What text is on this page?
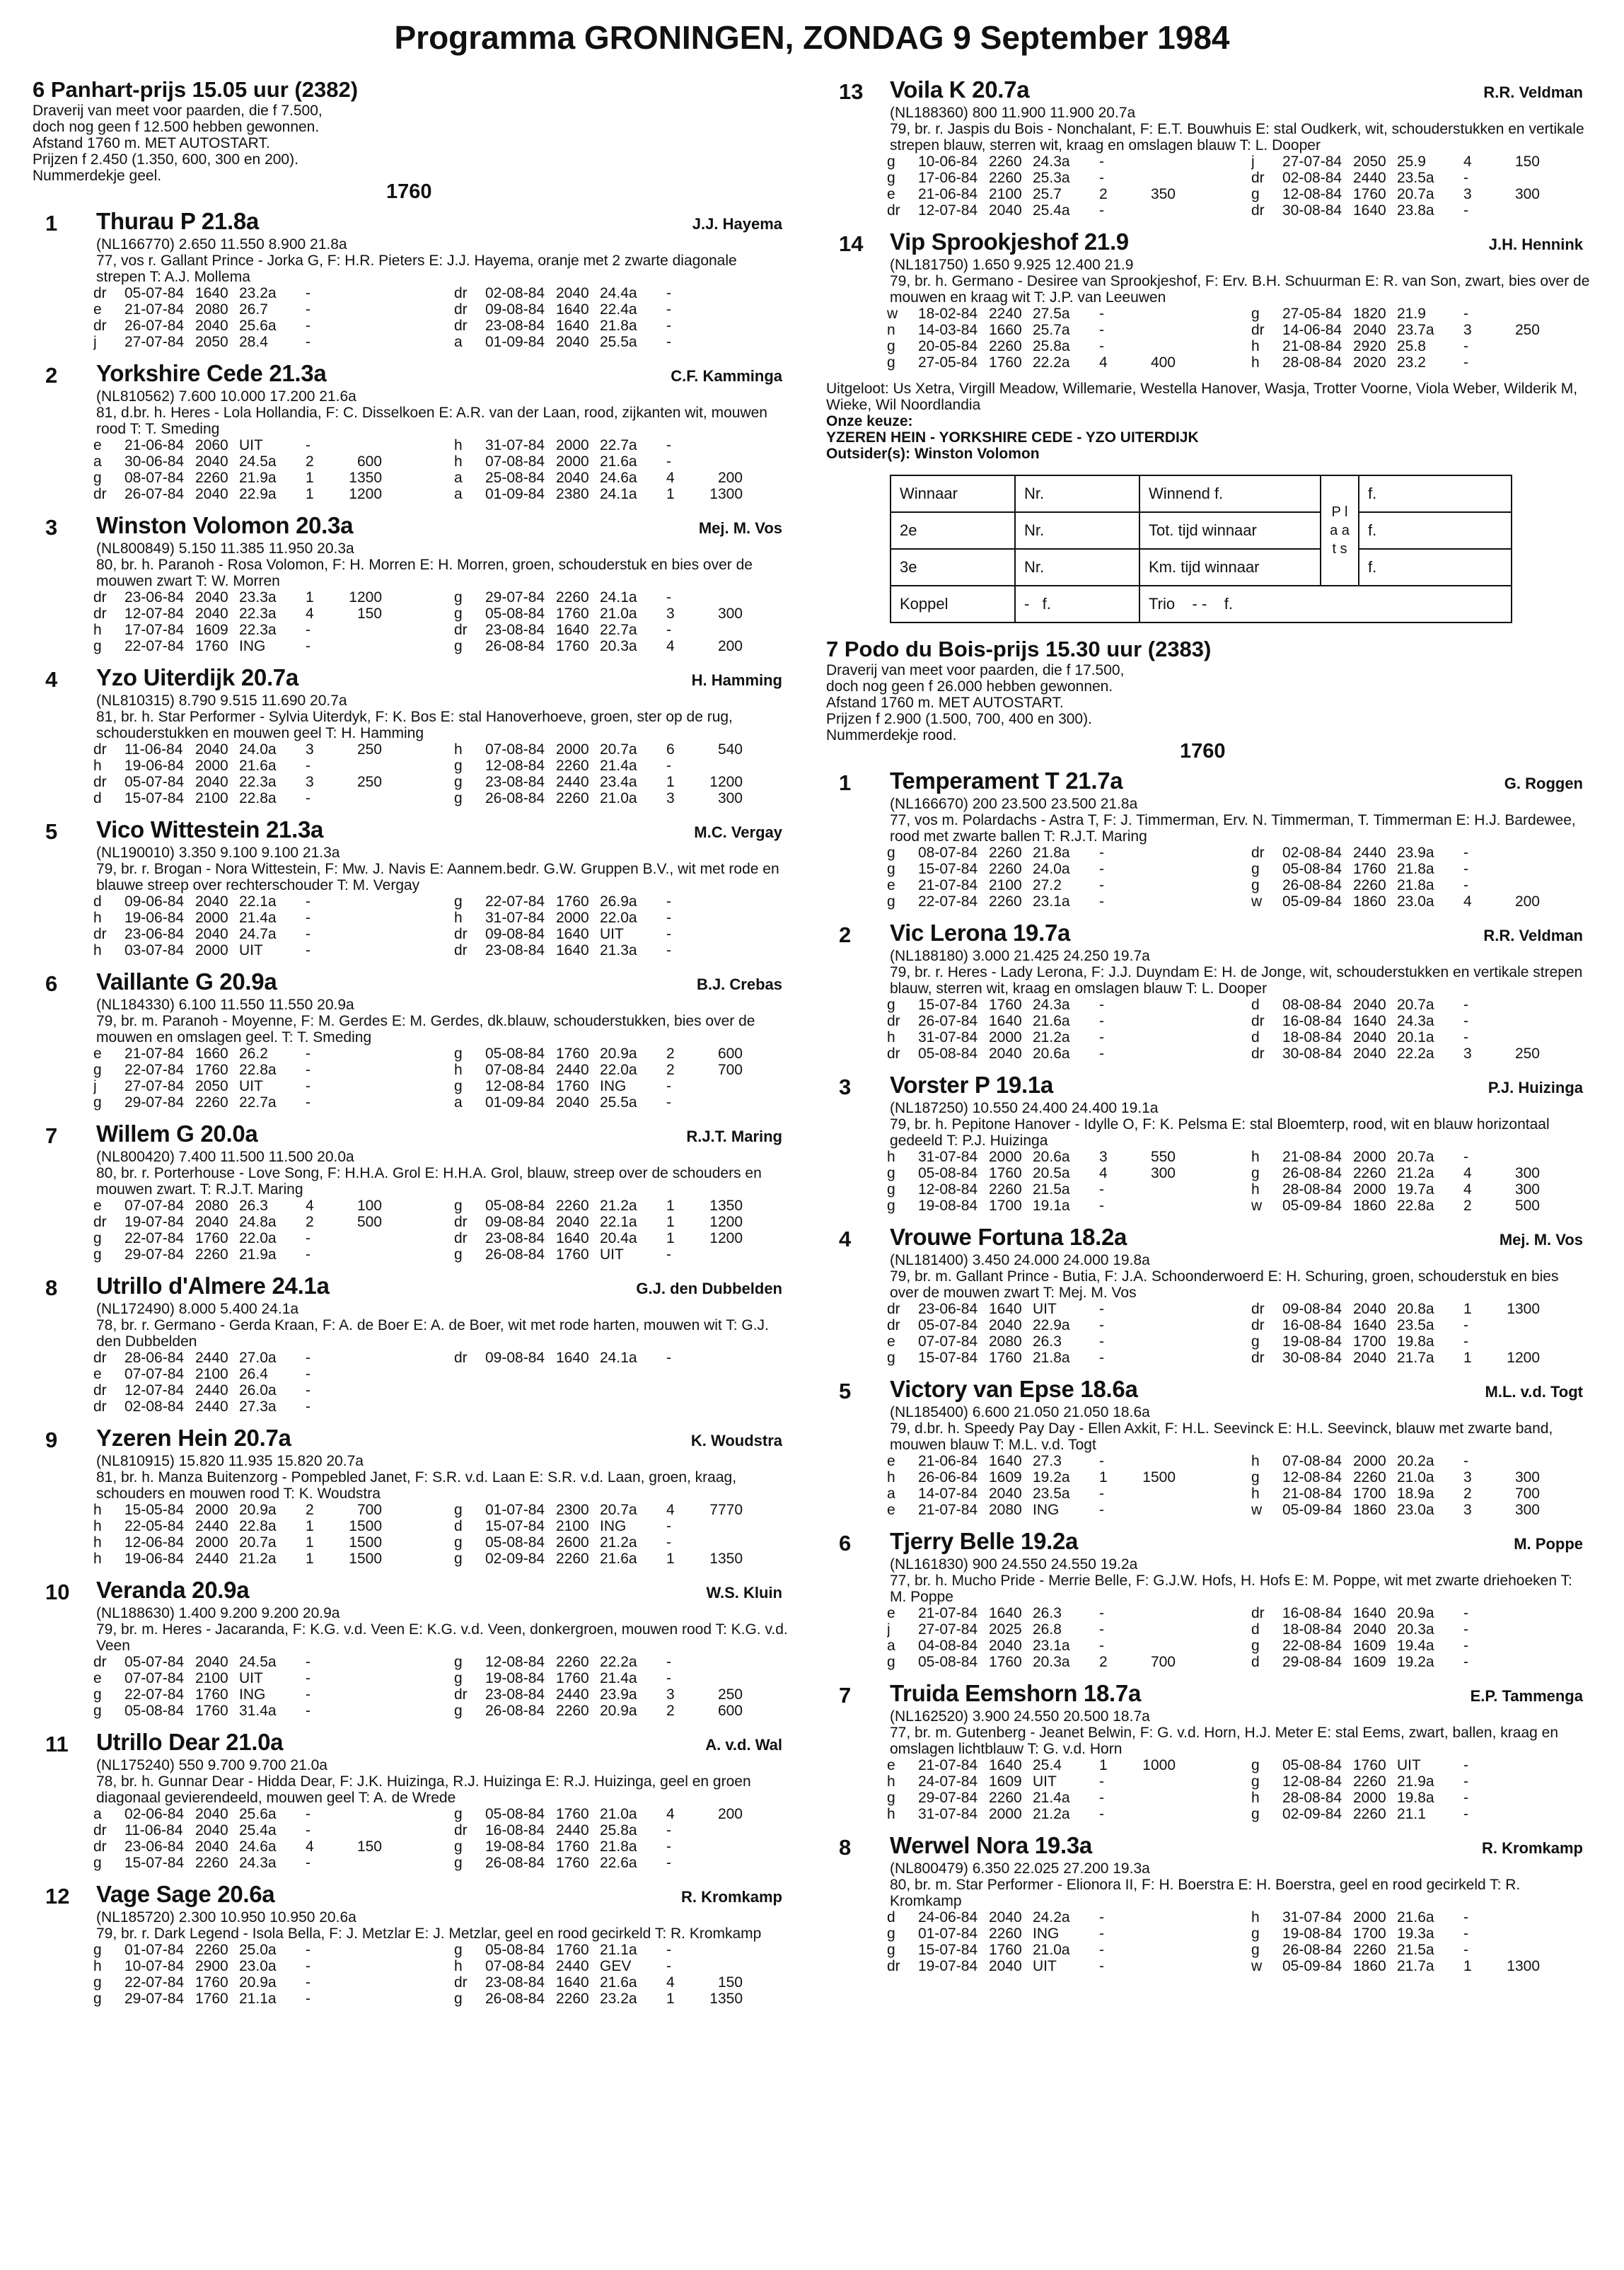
Programma GRONINGEN, ZONDAG 9 September 1984

6 Panhart-prijs 15.05 uur (2382)

Draverij van meet voor paarden, die f 7.500,

doch nog geen f 12.500 hebben gewonnen.

Afstand 1760 m. MET AUTOSTART.

Prijzen f 2.450 (1.350, 600, 300 en 200).

Nummerdekje geel.

1760

1 Thurau P 21.8a	J.J. Hayema

(NL166770) 2.650 11.550 8.900 21.8a

77, vos r. Gallant Prince - Jorka G, F: H.R. Pieters E: J.J. Hayema, oranje met 2 zwarte diagonale strepen T: A.J. Mollema

dr	05-07-84 1640 23.2a	-	dr	02-08-84 2040 24.4a	-
e	21-07-84 2080 26.7	-	dr	09-08-84 1640 22.4a	-
dr	26-07-84 2040 25.6a	-	dr	23-08-84 1640 21.8a	-
j	27-07-84 2050 28.4	-	a	01-09-84 2040 25.5a	-
2 Yorkshire Cede 21.3a	C.F. Kamminga

(NL810562) 7.600 10.000 17.200 21.6a

81, d.br. h. Heres - Lola Hollandia, F: C. Disselkoen E: A.R. van der Laan, rood, zijkanten wit, mouwen rood T: T. Smeding

e	21-06-84 2060 UIT	-	h	31-07-84 2000 22.7a	-
a	30-06-84 2040 24.5a	2	600	h	07-08-84 2000 21.6a	-
g	08-07-84 2260 21.9a	1	1350	a	25-08-84 2040 24.6a	4	200
dr	26-07-84 2040 22.9a	1	1200	a	01-09-84 2380 24.1a	1	1300
3 Winston Volomon 20.3a	Mej. M. Vos

(NL800849) 5.150 11.385 11.950 20.3a

80, br. h. Paranoh - Rosa Volomon, F: H. Morren E: H. Morren, groen, schouderstuk en bies over de mouwen zwart T: W. Morren

dr	23-06-84 2040 23.3a	1	1200	g	29-07-84 2260 24.1a	-
dr	12-07-84 2040 22.3a	4	150	g	05-08-84 1760 21.0a	3	300
h	17-07-84 1609 22.3a	-	dr	23-08-84 1640 22.7a	-
g	22-07-84 1760 ING	-	g	26-08-84 1760 20.3a	4	200
4 Yzo Uiterdijk 20.7a	H. Hamming

(NL810315) 8.790 9.515 11.690 20.7a

81, br. h. Star Performer - Sylvia Uiterdyk, F: K. Bos E: stal Hanoverhoeve, groen, ster op de rug, schouderstukken en mouwen geel T: H. Hamming

dr	11-06-84 2040 24.0a	3	250	h	07-08-84 2000 20.7a	6	540
h	19-06-84 2000 21.6a	-	g	12-08-84 2260 21.4a	-
dr	05-07-84 2040 22.3a	3	250	g	23-08-84 2440 23.4a	1	1200
d	15-07-84 2100 22.8a	-	g	26-08-84 2260 21.0a	3	300
5 Vico Wittestein 21.3a	M.C. Vergay

(NL190010) 3.350 9.100 9.100 21.3a

79, br. r. Brogan - Nora Wittestein, F: Mw. J. Navis E: Aannem.bedr. G.W. Gruppen B.V., wit met rode en blauwe streep over rechterschouder T: M. Vergay

d	09-06-84 2040 22.1a	-	g	22-07-84 1760 26.9a	-
h	19-06-84 2000 21.4a	-	h	31-07-84 2000 22.0a	-
dr	23-06-84 2040 24.7a	-	dr	09-08-84 1640 UIT	-
h	03-07-84 2000 UIT	-	dr	23-08-84 1640 21.3a	-
6 Vaillante G 20.9a	B.J. Crebas

(NL184330) 6.100 11.550 11.550 20.9a

79, br. m. Paranoh - Moyenne, F: M. Gerdes E: M. Gerdes, dk.blauw, schouderstukken, bies over de mouwen en omslagen geel. T: T. Smeding

e	21-07-84 1660 26.2	-	g	05-08-84 1760 20.9a	2	600
g	22-07-84 1760 22.8a	-	h	07-08-84 2440 22.0a	2	700
j	27-07-84 2050 UIT	-	g	12-08-84 1760 ING	-
g	29-07-84 2260 22.7a	-	a	01-09-84 2040 25.5a	-
7 Willem G 20.0a	R.J.T. Maring

(NL800420) 7.400 11.500 11.500 20.0a

80, br. r. Porterhouse - Love Song, F: H.H.A. Grol E: H.H.A. Grol, blauw, streep over de schouders en mouwen zwart. T: R.J.T. Maring

e	07-07-84 2080 26.3	4	100	g	05-08-84 2260 21.2a	1	1350
dr	19-07-84 2040 24.8a	2	500	dr	09-08-84 2040 22.1a	1	1200
g	22-07-84 1760 22.0a	-	dr	23-08-84 1640 20.4a	1	1200
g	29-07-84 2260 21.9a	-	g	26-08-84 1760 UIT	-
8 Utrillo d'Almere 24.1a	G.J. den Dubbelden

(NL172490) 8.000 5.400 24.1a

78, br. r. Germano - Gerda Kraan, F: A. de Boer E: A. de Boer, wit met rode harten, mouwen wit T: G.J. den Dubbelden

dr	28-06-84 2440 27.0a	-	dr	09-08-84 1640 24.1a	-
e	07-07-84 2100 26.4	-
dr	12-07-84 2440 26.0a	-
dr	02-08-84 2440 27.3a	-
9 Yzeren Hein 20.7a	K. Woudstra

(NL810915) 15.820 11.935 15.820 20.7a

81, br. h. Manza Buitenzorg - Pompebled Janet, F: S.R. v.d. Laan E: S.R. v.d. Laan, groen, kraag, schouders en mouwen rood T: K. Woudstra

h	15-05-84 2000 20.9a	2	700	g	01-07-84 2300 20.7a	4	7770
h	22-05-84 2440 22.8a	1	1500	d	15-07-84 2100 ING	-
h	12-06-84 2000 20.7a	1	1500	g	05-08-84 2600 21.2a	-
h	19-06-84 2440 21.2a	1	1500	g	02-09-84 2260 21.6a	1	1350
10 Veranda 20.9a	W.S. Kluin

(NL188630) 1.400 9.200 9.200 20.9a

79, br. m. Heres - Jacaranda, F: K.G. v.d. Veen E: K.G. v.d. Veen, donkergroen, mouwen rood T: K.G. v.d. Veen

dr	05-07-84 2040 24.5a	-	g	12-08-84 2260 22.2a	-
e	07-07-84 2100 UIT	-	g	19-08-84 1760 21.4a	-
g	22-07-84 1760 ING	-	dr	23-08-84 2440 23.9a	3	250
g	05-08-84 1760 31.4a	-	g	26-08-84 2260 20.9a	2	600
11 Utrillo Dear 21.0a	A. v.d. Wal

(NL175240) 550 9.700 9.700 21.0a

78, br. h. Gunnar Dear - Hidda Dear, F: J.K. Huizinga, R.J. Huizinga E: R.J. Huizinga, geel en groen diagonaal gevierendeeld, mouwen geel T: A. de Wrede

a	02-06-84 2040 25.6a	-	g	05-08-84 1760 21.0a	4	200
dr	11-06-84 2040 25.4a	-	dr	16-08-84 2440 25.8a	-
dr	23-06-84 2040 24.6a	4	150	g	19-08-84 1760 21.8a	-
g	15-07-84 2260 24.3a	-	g	26-08-84 1760 22.6a	-
12 Vage Sage 20.6a	R. Kromkamp

(NL185720) 2.300 10.950 10.950 20.6a

79, br. r. Dark Legend - Isola Bella, F: J. Metzlar E: J. Metzlar, geel en rood gecirkeld T: R. Kromkamp

g	01-07-84 2260 25.0a	-	g	05-08-84 1760 21.1a	-
h	10-07-84 2900 23.0a	-	h	07-08-84 2440 GEV	-
g	22-07-84 1760 20.9a	-	dr	23-08-84 1640 21.6a	4	150
g	29-07-84 1760 21.1a	-	g	26-08-84 2260 23.2a	1	1350
13 Voila K 20.7a	R.R. Veldman

(NL188360) 800 11.900 11.900 20.7a

79, br. r. Jaspis du Bois - Nonchalant, F: E.T. Bouwhuis E: stal Oudkerk, wit, schouderstukken en vertikale strepen blauw, sterren wit, kraag en omslagen blauw T: L. Dooper

g	10-06-84 2260 24.3a	-	j	27-07-84 2050 25.9	4	150
g	17-06-84 2260 25.3a	-	dr	02-08-84 2440 23.5a	-
e	21-06-84 2100 25.7	2	350	g	12-08-84 1760 20.7a	3	300
dr	12-07-84 2040 25.4a	-	dr	30-08-84 1640 23.8a	-
14 Vip Sprookjeshof 21.9	J.H. Hennink

(NL181750) 1.650 9.925 12.400 21.9

79, br. h. Germano - Desiree van Sprookjeshof, F: Erv. B.H. Schuurman E: R. van Son, zwart, bies over de mouwen en kraag wit T: J.P. van Leeuwen

w	18-02-84 2240 27.5a	-	g	27-05-84 1820 21.9	-
n	14-03-84 1660 25.7a	-	dr	14-06-84 2040 23.7a	3	250
g	20-05-84 2260 25.8a	-	h	21-08-84 2920 25.8	-
g	27-05-84 1760 22.2a	4	400	h	28-08-84 2020 23.2	-

Uitgeloot: Us Xetra, Virgill Meadow, Willemarie, Westella Hanover, Wasja, Trotter Voorne, Viola Weber, Wilderik M, Wieke, Wil Noordlandia

Onze keuze:

YZEREN HEIN - YORKSHIRE CEDE - YZO UITERDIJK

Outsider(s): Winston Volomon

Winnaar	Nr.	Winnend f.	P l a a t s	f.
2e	Nr.	Tot. tijd winnaar		f.
3e	Nr.	Km. tijd winnaar		f.
Koppel	- f.	Trio - - f.		

7 Podo du Bois-prijs 15.30 uur (2383)

Draverij van meet voor paarden, die f 17.500,

doch nog geen f 26.000 hebben gewonnen.

Afstand 1760 m. MET AUTOSTART.

Prijzen f 2.900 (1.500, 700, 400 en 300).

Nummerdekje rood.

1760

1 Temperament T 21.7a	G. Roggen

(NL166670) 200 23.500 23.500 21.8a

77, vos m. Polardachs - Astra T, F: J. Timmerman, Erv. N. Timmerman, T. Timmerman E: H.J. Bardewee, rood met zwarte ballen T: R.J.T. Maring

g	08-07-84 2260 21.8a	-	dr	02-08-84 2440 23.9a	-
g	15-07-84 2260 24.0a	-	g	05-08-84 1760 21.8a	-
e	21-07-84 2100 27.2	-	g	26-08-84 2260 21.8a	-
g	22-07-84 2260 23.1a	-	w	05-09-84 1860 23.0a	4	200
2 Vic Lerona 19.7a	R.R. Veldman

(NL188180) 3.000 21.425 24.250 19.7a

79, br. r. Heres - Lady Lerona, F: J.J. Duyndam E: H. de Jonge, wit, schouderstukken en vertikale strepen blauw, sterren wit, kraag en omslagen blauw T: L. Dooper

g	15-07-84 1760 24.3a	-	d	08-08-84 2040 20.7a	-
dr	26-07-84 1640 21.6a	-	dr	16-08-84 1640 24.3a	-
h	31-07-84 2000 21.2a	-	d	18-08-84 2040 20.1a	-
dr	05-08-84 2040 20.6a	-	dr	30-08-84 2040 22.2a	3	250
3 Vorster P 19.1a	P.J. Huizinga

(NL187250) 10.550 24.400 24.400 19.1a

79, br. h. Pepitone Hanover - Idylle O, F: K. Pelsma E: stal Bloemterp, rood, wit en blauw horizontaal gedeeld T: P.J. Huizinga

h	31-07-84 2000 20.6a	3	550	h	21-08-84 2000 20.7a	-
g	05-08-84 1760 20.5a	4	300	g	26-08-84 2260 21.2a	4	300
g	12-08-84 2260 21.5a	-	h	28-08-84 2000 19.7a	4	300
g	19-08-84 1700 19.1a	-	w	05-09-84 1860 22.8a	2	500
4 Vrouwe Fortuna 18.2a	Mej. M. Vos

(NL181400) 3.450 24.000 24.000 19.8a

79, br. m. Gallant Prince - Butia, F: J.A. Schoonderwoerd E: H. Schuring, groen, schouderstuk en bies over de mouwen zwart T: Mej. M. Vos

dr	23-06-84 1640 UIT	-	dr	09-08-84 2040 20.8a	1	1300
dr	05-07-84 2040 22.9a	-	dr	16-08-84 1640 23.5a	-
e	07-07-84 2080 26.3	-	g	19-08-84 1700 19.8a	-
g	15-07-84 1760 21.8a	-	dr	30-08-84 2040 21.7a	1	1200
5 Victory van Epse 18.6a	M.L. v.d. Togt

(NL185400) 6.600 21.050 21.050 18.6a

79, d.br. h. Speedy Pay Day - Ellen Axkit, F: H.L. Seevinck E: H.L. Seevinck, blauw met zwarte band, mouwen blauw T: M.L. v.d. Togt

e	21-06-84 1640 27.3	-	h	07-08-84 2000 20.2a	-
h	26-06-84 1609 19.2a	1	1500	g	12-08-84 2260 21.0a	3	300
a	14-07-84 2040 23.5a	-	h	21-08-84 1700 18.9a	2	700
e	21-07-84 2080 ING	-	w	05-09-84 1860 23.0a	3	300
6 Tjerry Belle 19.2a	M. Poppe

(NL161830) 900 24.550 24.550 19.2a

77, br. h. Mucho Pride - Merrie Belle, F: G.J.W. Hofs, H. Hofs E: M. Poppe, wit met zwarte driehoeken T: M. Poppe

e	21-07-84 1640 26.3	-	dr	16-08-84 1640 20.9a	-
j	27-07-84 2025 26.8	-	d	18-08-84 2040 20.3a	-
a	04-08-84 2040 23.1a	-	g	22-08-84 1609 19.4a	-
g	05-08-84 1760 20.3a	2	700	d	29-08-84 1609 19.2a	-
7 Truida Eemshorn 18.7a	E.P. Tammenga

(NL162520) 3.900 24.550 20.500 18.7a

77, br. m. Gutenberg - Jeanet Belwin, F: G. v.d. Horn, H.J. Meter E: stal Eems, zwart, ballen, kraag en omslagen lichtblauw T: G. v.d. Horn

e	21-07-84 1640 25.4	1	1000	g	05-08-84 1760 UIT	-
h	24-07-84 1609 UIT	-	g	12-08-84 2260 21.9a	-
g	29-07-84 2260 21.4a	-	h	28-08-84 2000 19.8a	-
h	31-07-84 2000 21.2a	-	g	02-09-84 2260 21.1	-
8 Werwel Nora 19.3a	R. Kromkamp

(NL800479) 6.350 22.025 27.200 19.3a

80, br. m. Star Performer - Elionora II, F: H. Boerstra E: H. Boerstra, geel en rood gecirkeld T: R. Kromkamp

d	24-06-84 2040 24.2a	-	h	31-07-84 2000 21.6a	-
g	01-07-84 2260 ING	-	g	19-08-84 1700 19.3a	-
g	15-07-84 1760 21.0a	-	g	26-08-84 2260 21.5a	-
dr	19-07-84 2040 UIT	-	w	05-09-84 1860 21.7a	1	1300
